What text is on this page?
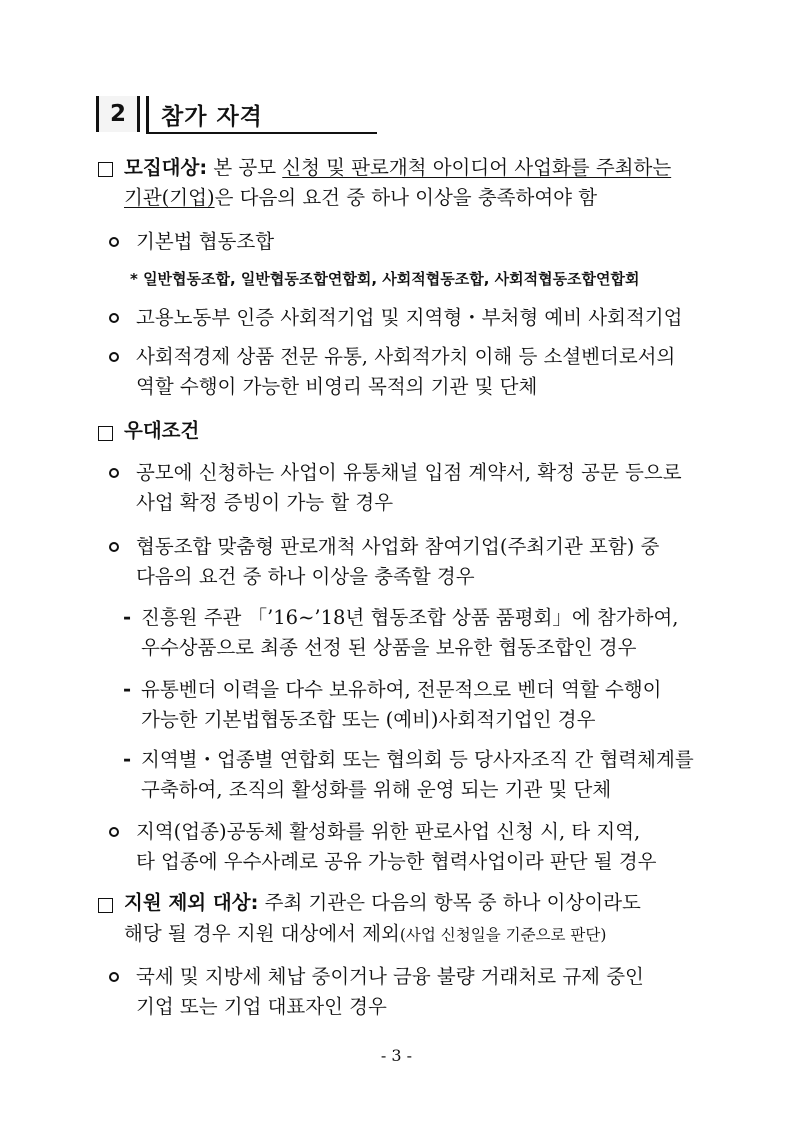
2	참가 자격
모집대상: 본 공모 신청 및 판로개척 아이디어 사업화를 주최하는
기관(기업)은 다음의 요건 중 하나 이상을 충족하여야 함
기본법 협동조합
* 일반협동조합, 일반협동조합연합회, 사회적협동조합, 사회적협동조합연합회
고용노동부 인증 사회적기업 및 지역형・부처형 예비 사회적기업
사회적경제 상품 전문 유통, 사회적가치 이해 등 소셜벤더로서의
역할 수행이 가능한 비영리 목적의 기관 및 단체
우대조건
공모에 신청하는 사업이 유통채널 입점 계약서, 확정 공문 등으로
사업 확정 증빙이 가능 할 경우
협동조합 맞춤형 판로개척 사업화 참여기업(주최기관 포함) 중
다음의 요건 중 하나 이상을 충족할 경우
- 진흥원 주관 「’16∼’18년 협동조합 상품 품평회」에 참가하여,
우수상품으로 최종 선정 된 상품을 보유한 협동조합인 경우
- 유통벤더 이력을 다수 보유하여, 전문적으로 벤더 역할 수행이
가능한 기본법협동조합 또는 (예비)사회적기업인 경우
- 지역별・업종별 연합회 또는 협의회 등 당사자조직 간 협력체계를
구축하여, 조직의 활성화를 위해 운영 되는 기관 및 단체
지역(업종)공동체 활성화를 위한 판로사업 신청 시, 타 지역,
타 업종에 우수사례로 공유 가능한 협력사업이라 판단 될 경우
지원 제외 대상: 주최 기관은 다음의 항목 중 하나 이상이라도
해당 될 경우 지원 대상에서 제외(사업 신청일을 기준으로 판단)
국세 및 지방세 체납 중이거나 금융 불량 거래처로 규제 중인
기업 또는 기업 대표자인 경우
- 3 -
